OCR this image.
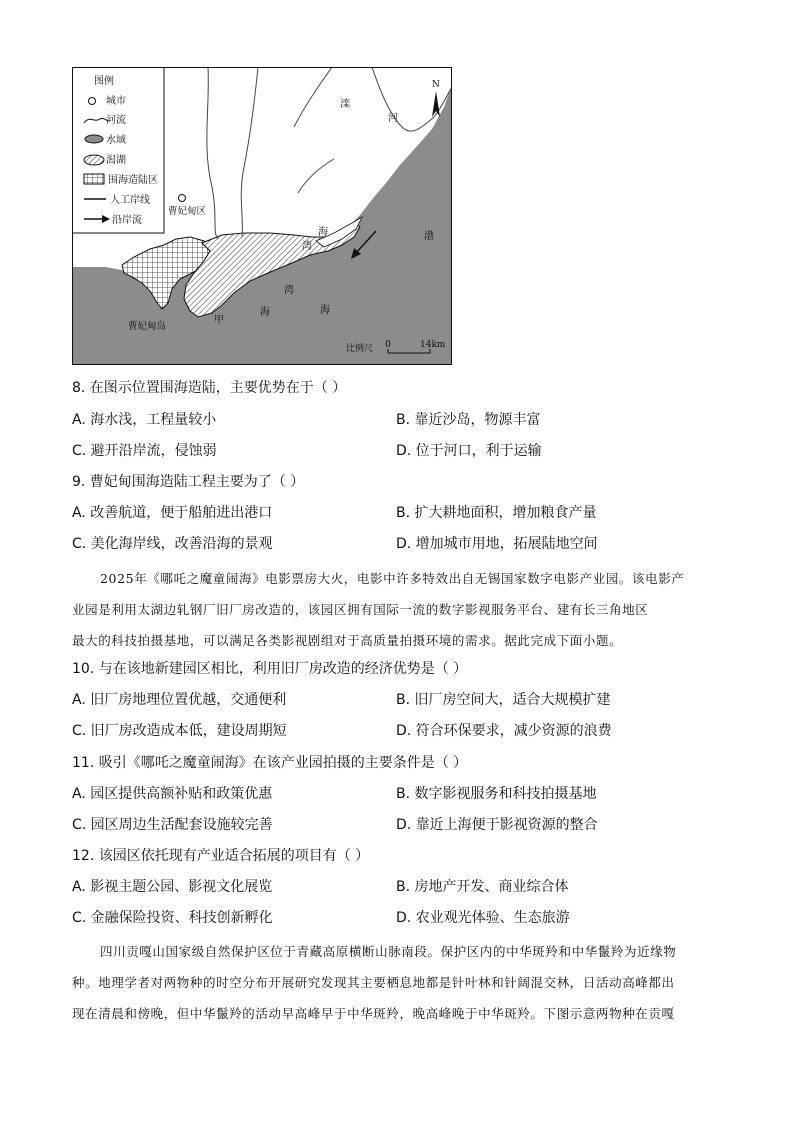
图例
城市
河流
水域
潟湖
围海造陆区
人工岸线
沿岸流
曹妃甸区
滦
河
N
渤
海
湾
海
湾
海
甲
曹妃甸岛
比例尺 0	14km
8. 在图示位置围海造陆，主要优势在于（ ）
A. 海水浅，工程量较小	B. 靠近沙岛，物源丰富
C. 避开沿岸流，侵蚀弱	D. 位于河口，利于运输
9. 曹妃甸围海造陆工程主要为了（ ）
A. 改善航道，便于船舶进出港口	B. 扩大耕地面积，增加粮食产量
C. 美化海岸线，改善沿海的景观	D. 增加城市用地，拓展陆地空间

2025年《哪吒之魔童闹海》电影票房大火，电影中许多特效出自无锡国家数字电影产业园。该电影产

业园是利用太湖边轧钢厂旧厂房改造的，该园区拥有国际一流的数字影视服务平台、建有长三角地区

最大的科技拍摄基地，可以满足各类影视剧组对于高质量拍摄环境的需求。据此完成下面小题。

10. 与在该地新建园区相比，利用旧厂房改造的经济优势是（ ）
A. 旧厂房地理位置优越，交通便利	B. 旧厂房空间大，适合大规模扩建
C. 旧厂房改造成本低，建设周期短	D. 符合环保要求，减少资源的浪费
11. 吸引《哪吒之魔童闹海》在该产业园拍摄的主要条件是（ ）
A. 园区提供高额补贴和政策优惠	B. 数字影视服务和科技拍摄基地
C. 园区周边生活配套设施较完善	D. 靠近上海便于影视资源的整合
12. 该园区依托现有产业适合拓展的项目有（ ）
A. 影视主题公园、影视文化展览	B. 房地产开发、商业综合体
C. 金融保险投资、科技创新孵化	D. 农业观光体验、生态旅游

四川贡嘎山国家级自然保护区位于青藏高原横断山脉南段。保护区内的中华斑羚和中华鬣羚为近缘物

种。地理学者对两物种的时空分布开展研究发现其主要栖息地都是针叶林和针阔混交林，日活动高峰都出

现在清晨和傍晚，但中华鬣羚的活动早高峰早于中华斑羚，晚高峰晚于中华斑羚。下图示意两物种在贡嘎
